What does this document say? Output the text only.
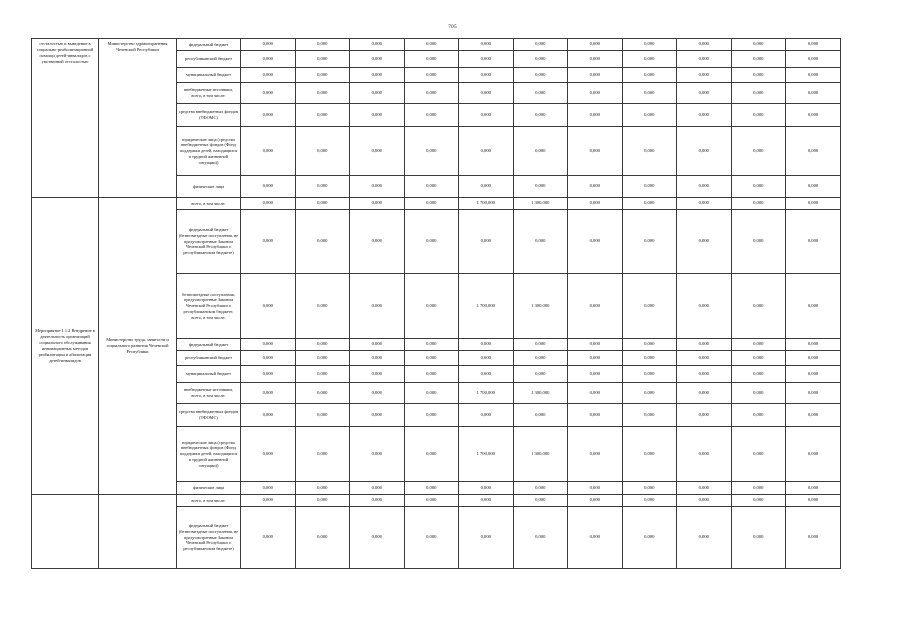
705
отсталостью и выведение в социально-реабилитационной помощи детей-инвалидов с умственной отсталостью	Министерство здравоохранения Чеченской Республики	федеральный бюджет	0,000	0,000	0,000	0,000	0,000	0,000	0,000	0,000	0,000	0,000	0,000
		республиканский бюджет	0,000	0,000	0,000	0,000	0,000	0,000	0,000	0,000	0,000	0,000	0,000
		муниципальный бюджет	0,000	0,000	0,000	0,000	0,000	0,000	0,000	0,000	0,000	0,000	0,000
		внебюджетные источники, всего, в том числе:	0,000	0,000	0,000	0,000	0,000	0,000	0,000	0,000	0,000	0,000	0,000
		средства внебюджетных фондов (ТФОМС)	0,000	0,000	0,000	0,000	0,000	0,000	0,000	0,000	0,000	0,000	0,000
		юридические лица (средства внебюджетных фондов (Фонд поддержки детей, находящихся в трудной жизненной ситуации))	0,000	0,000	0,000	0,000	0,000	0,000	0,000	0,000	0,000	0,000	0,000
		физические лица	0,000	0,000	0,000	0,000	0,000	0,000	0,000	0,000	0,000	0,000	0,000
Мероприятие 1.1.2 Внедрение в деятельность организаций социального обслуживания инновационных методов реабилитации и абилитации детей-инвалидов	Министерство труда, занятости и социального развития Чеченской Республики	всего, в том числе:	0,000	0,000	0,000	0,000	1 700,000	1 300,000	0,000	0,000	0,000	0,000	0,000
		федеральный бюджет (безвозмездные поступления, не предусмотренные Законом Чеченской Республики о республиканском бюджете)	0,000	0,000	0,000	0,000	0,000	0,000	0,000	0,000	0,000	0,000	0,000
		безвозмездные поступления, предусмотренные Законом Чеченской Республики о республиканском бюджете, всего, в том числе:	0,000	0,000	0,000	0,000	1 700,000	1 300,000	0,000	0,000	0,000	0,000	0,000
		федеральный бюджет	0,000	0,000	0,000	0,000	0,000	0,000	0,000	0,000	0,000	0,000	0,000
		республиканский бюджет	0,000	0,000	0,000	0,000	0,000	0,000	0,000	0,000	0,000	0,000	0,000
		муниципальный бюджет	0,000	0,000	0,000	0,000	0,000	0,000	0,000	0,000	0,000	0,000	0,000
		внебюджетные источники, всего, в том числе:	0,000	0,000	0,000	0,000	1 700,000	1 300,000	0,000	0,000	0,000	0,000	0,000
		средства внебюджетных фондов (ТФОМС)	0,000	0,000	0,000	0,000	0,000	0,000	0,000	0,000	0,000	0,000	0,000
		юридические лица (средства внебюджетных фондов (Фонд поддержки детей, находящихся в трудной жизненной ситуации))	0,000	0,000	0,000	0,000	1 700,000	1 300,000	0,000	0,000	0,000	0,000	0,000
		физические лица	0,000	0,000	0,000	0,000	0,000	0,000	0,000	0,000	0,000	0,000	0,000
		всего, в том числе:	0,000	0,000	0,000	0,000	0,000	0,000	0,000	0,000	0,000	0,000	0,000
		федеральный бюджет (безвозмездные поступления, не предусмотренные Законом Чеченской Республики о республиканском бюджете)	0,000	0,000	0,000	0,000	0,000	0,000	0,000	0,000	0,000	0,000	0,000
